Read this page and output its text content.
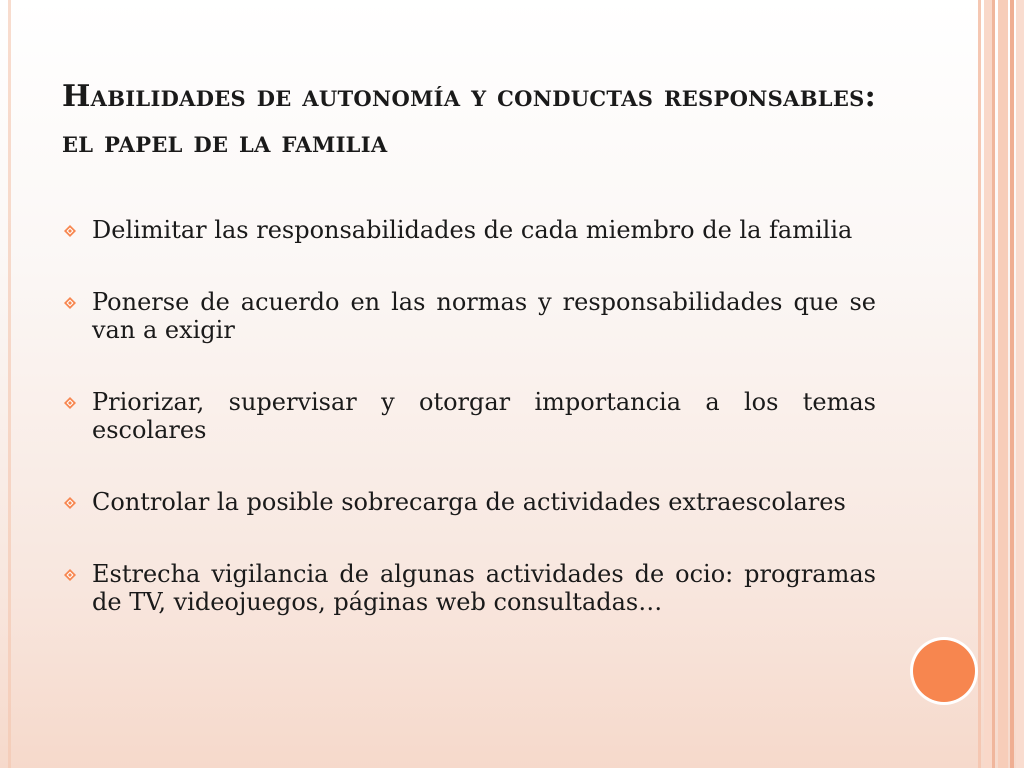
Habilidades de autonomía y conductas responsables: el papel de la familia
Delimitar las responsabilidades de cada miembro de la familia
Ponerse de acuerdo en las normas y responsabilidades que se van a exigir
Priorizar, supervisar y otorgar importancia a los temas escolares
Controlar la posible sobrecarga de actividades extraescolares
Estrecha vigilancia de algunas actividades de ocio: programas de TV, videojuegos, páginas web consultadas…
